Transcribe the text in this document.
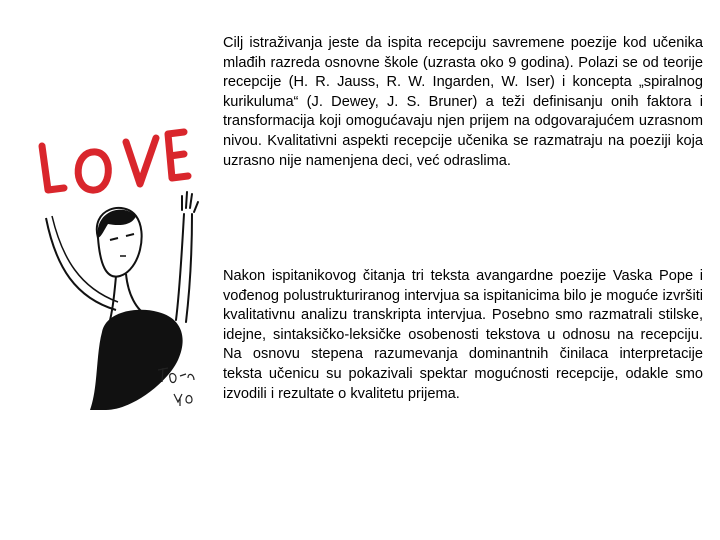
Cilj istraživanja jeste da ispita recepciju savremene poezije kod učenika mlađih razreda osnovne škole (uzrasta oko 9 godina). Polazi se od teorije recepcije (H. R. Jauss, R. W. Ingarden, W. Iser) i koncepta „spiralnog kurikuluma“ (J. Dewey, J. S. Bruner) a teži definisanju onih faktora i transformacija koji omogućavaju njen prijem na odgovarajućem uzrasnom nivou. Kvalitativni aspekti recepcije učenika se razmatraju na poeziji koja uzrasno nije namenjena deci, već odraslima.

Nakon ispitanikovog čitanja tri teksta avangardne poezije Vaska Pope i vođenog polustrukturiranog intervjua sa ispitanicima bilo je moguće izvršiti kvalitativnu analizu transkripta intervjua. Posebno smo razmatrali stilske, idejne, sintaksičko-leksičke osobenosti tekstova u odnosu na recepciju. Na osnovu stepena razumevanja dominantnih činilaca interpretacije teksta učenicu su pokazivali spektar mogućnosti recepcije, odakle smo izvodili i rezultate o kvalitetu prijema.
